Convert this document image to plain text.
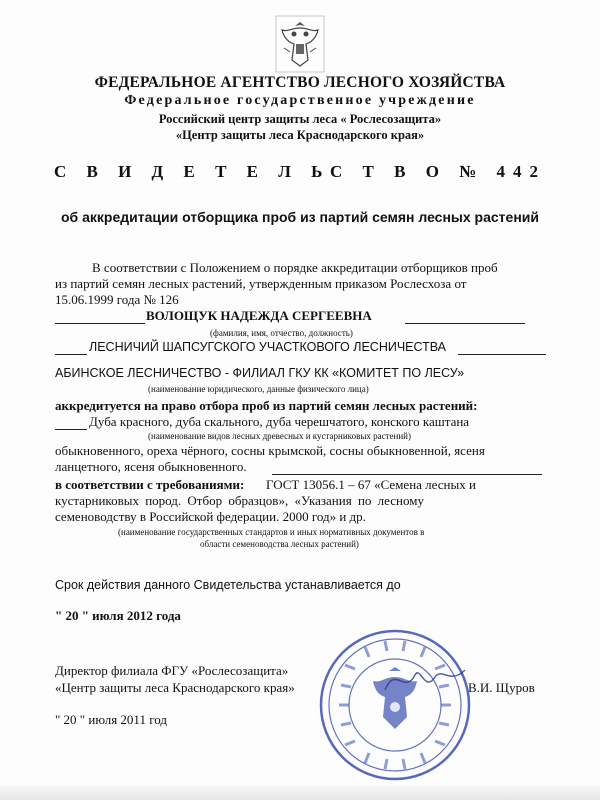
ФЕДЕРАЛЬНОЕ АГЕНТСТВО ЛЕСНОГО ХОЗЯЙСТВА
Федеральное государственное учреждение
Российский центр защиты леса « Рослесозащита»
«Центр защиты леса Краснодарского края»
С В И Д Е Т Е Л ЬС Т В О № 442
об аккредитации отборщика проб из партий семян лесных растений
В соответствии с Положением о порядке аккредитации отборщиков проб
из партий семян лесных растений, утвержденным приказом Рослесхоза от
15.06.1999 года № 126
ВОЛОЩУК НАДЕЖДА СЕРГЕЕВНА
(фамилия, имя, отчество, должность)
ЛЕСНИЧИЙ ШАПСУГСКОГО УЧАСТКОВОГО ЛЕСНИЧЕСТВА
АБИНСКОЕ ЛЕСНИЧЕСТВО - ФИЛИАЛ ГКУ КК «КОМИТЕТ ПО ЛЕСУ»
(наименование юридического, данные физического лица)
аккредитуется на право отбора проб из партий семян лесных растений:
Дуба красного, дуба скального, дуба черешчатого, конского каштана
(наименование видов лесных древесных и кустарниковых растений)
обыкновенного, ореха чёрного, сосны крымской, сосны обыкновенной, ясеня
ланцетного, ясеня обыкновенного.
в соответствии с требованиями: ГОСТ 13056.1 – 67 «Семена лесных и
кустарниковых пород. Отбор образцов», «Указания по лесному
семеноводству в Российской федерации. 2000 год» и др.
(наименование государственных стандартов и иных нормативных документов в
области семеноводства лесных растений)
Срок действия данного Свидетельства устанавливается до
" 20 " июля 2012 года
Директор филиала ФГУ «Рослесозащита»
«Центр защиты леса Краснодарского края»	В.И. Щуров
" 20 " июля 2011 год
